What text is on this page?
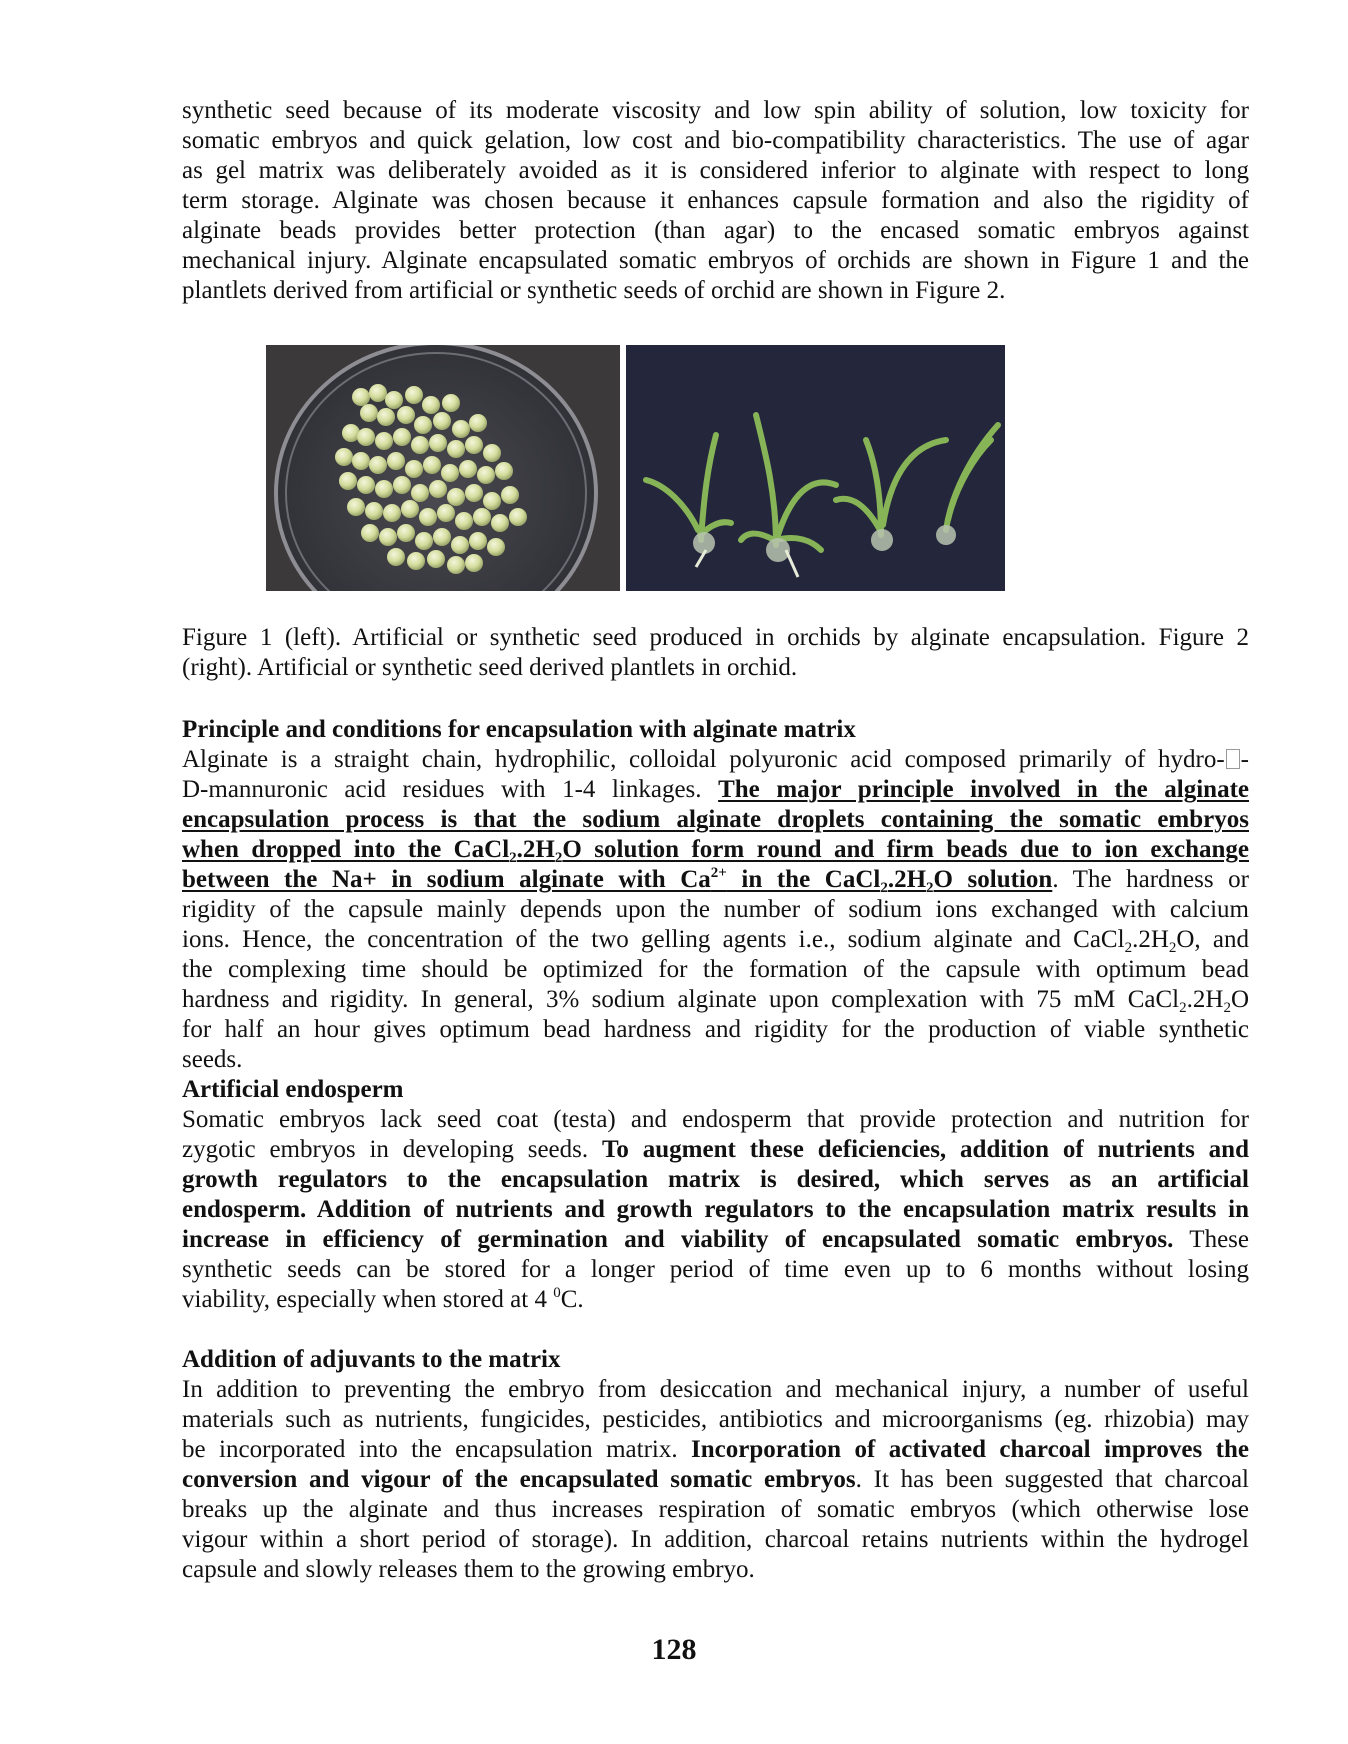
synthetic seed because of its moderate viscosity and low spin ability of solution, low toxicity for
somatic embryos and quick gelation, low cost and bio-compatibility characteristics. The use of agar
as gel matrix was deliberately avoided as it is considered inferior to alginate with respect to long
term storage. Alginate was chosen because it enhances capsule formation and also the rigidity of
alginate beads provides better protection (than agar) to the encased somatic embryos against
mechanical injury. Alginate encapsulated somatic embryos of orchids are shown in Figure 1 and the
plantlets derived from artificial or synthetic seeds of orchid are shown in Figure 2.
Figure 1 (left). Artificial or synthetic seed produced in orchids by alginate encapsulation. Figure 2
(right). Artificial or synthetic seed derived plantlets in orchid.
Principle and conditions for encapsulation with alginate matrix
Alginate is a straight chain, hydrophilic, colloidal polyuronic acid composed primarily of hydro- -
D-mannuronic acid residues with 1-4 linkages. The major principle involved in the alginate
encapsulation process is that the sodium alginate droplets containing the somatic embryos
when dropped into the $CaCl_2.2H_2O$ solution form round and firm beads due to ion exchange
between the Na+ in sodium alginate with $Ca^{2+}$ in the $CaCl_2.2H_2O$ solution. The hardness or
rigidity of the capsule mainly depends upon the number of sodium ions exchanged with calcium
ions. Hence, the concentration of the two gelling agents i.e., sodium alginate and $CaCl_2.2H_2O$, and
the complexing time should be optimized for the formation of the capsule with optimum bead
hardness and rigidity. In general, 3% sodium alginate upon complexation with 75 mM $CaCl_2.2H_2O$
for half an hour gives optimum bead hardness and rigidity for the production of viable synthetic
seeds.
Artificial endosperm
Somatic embryos lack seed coat (testa) and endosperm that provide protection and nutrition for
zygotic embryos in developing seeds. To augment these deficiencies, addition of nutrients and
growth regulators to the encapsulation matrix is desired, which serves as an artificial
endosperm. Addition of nutrients and growth regulators to the encapsulation matrix results in
increase in efficiency of germination and viability of encapsulated somatic embryos. These
synthetic seeds can be stored for a longer period of time even up to 6 months without losing
viability, especially when stored at 4 $^0$C.
Addition of adjuvants to the matrix
In addition to preventing the embryo from desiccation and mechanical injury, a number of useful
materials such as nutrients, fungicides, pesticides, antibiotics and microorganisms (eg. rhizobia) may
be incorporated into the encapsulation matrix. Incorporation of activated charcoal improves the
conversion and vigour of the encapsulated somatic embryos. It has been suggested that charcoal
breaks up the alginate and thus increases respiration of somatic embryos (which otherwise lose
vigour within a short period of storage). In addition, charcoal retains nutrients within the hydrogel
capsule and slowly releases them to the growing embryo.
128
